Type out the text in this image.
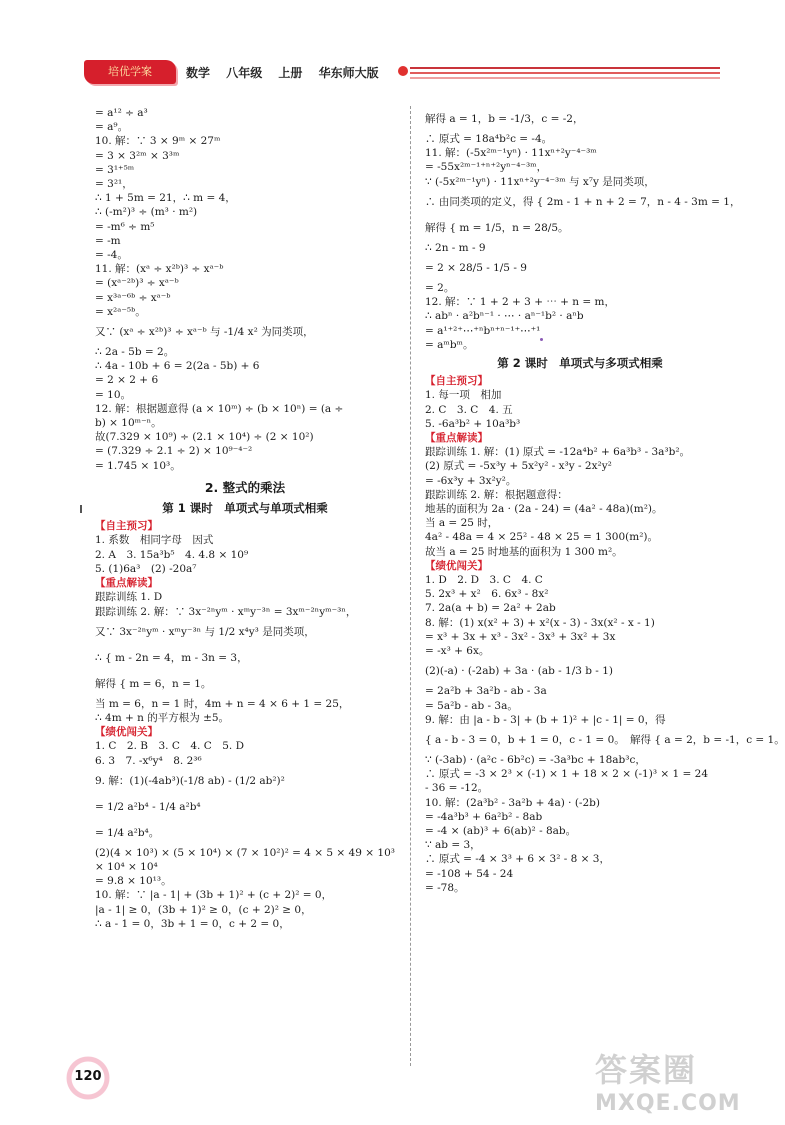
培优学案	数学 八年级 上册 华东师大版
= a¹² ÷ a³
= a⁹。
10. 解：∵ 3 × 9ᵐ × 27ᵐ
= 3 × 3²ᵐ × 3³ᵐ
= 3¹⁺⁵ᵐ
= 3²¹，
∴ 1 + 5m = 21，∴ m = 4，
∴ (-m²)³ ÷ (m³ · m²)
= -m⁶ ÷ m⁵
= -m
= -4。
11. 解：(xᵃ ÷ x²ᵇ)³ ÷ xᵃ⁻ᵇ
= (xᵃ⁻²ᵇ)³ ÷ xᵃ⁻ᵇ
= x³ᵃ⁻⁶ᵇ ÷ xᵃ⁻ᵇ
= x²ᵃ⁻⁵ᵇ。
又∵ (xᵃ ÷ x²ᵇ)³ ÷ xᵃ⁻ᵇ 与 -1/4 x² 为同类项，
∴ 2a - 5b = 2。
∴ 4a - 10b + 6 = 2(2a - 5b) + 6
= 2 × 2 + 6
= 10。
12. 解：根据题意得 (a × 10ᵐ) ÷ (b × 10ⁿ) = (a ÷
b) × 10ᵐ⁻ⁿ。
故(7.329 × 10⁹) ÷ (2.1 × 10⁴) ÷ (2 × 10²)
= (7.329 ÷ 2.1 ÷ 2) × 10⁹⁻⁴⁻²
= 1.745 × 10³。
2. 整式的乘法
第 1 课时　单项式与单项式相乘
【自主预习】
1. 系数　相同字母　因式
2. A　3. 15a³b⁵　4. 4.8 × 10⁹
5. (1)6a³　(2) -20a⁷
【重点解读】
跟踪训练 1. D
跟踪训练 2. 解：∵ 3x⁻²ⁿyᵐ · xᵐy⁻³ⁿ = 3xᵐ⁻²ⁿyᵐ⁻³ⁿ，
又∵ 3x⁻²ⁿyᵐ · xᵐy⁻³ⁿ 与 1/2 x⁴y³ 是同类项，
∴ { m - 2n = 4，m - 3n = 3，
解得 { m = 6，n = 1。
当 m = 6，n = 1 时，4m + n = 4 × 6 + 1 = 25，
∴ 4m + n 的平方根为 ±5。
【绩优闯关】
1. C　2. B　3. C　4. C　5. D
6. 3　7. -x⁶y⁴　8. 2³⁶
9. 解：(1)(-4ab³)(-1/8 ab) - (1/2 ab²)²
= 1/2 a²b⁴ - 1/4 a²b⁴
= 1/4 a²b⁴。
(2)(4 × 10³) × (5 × 10⁴) × (7 × 10²)² = 4 × 5 × 49 × 10³
× 10⁴ × 10⁴
= 9.8 × 10¹³。
10. 解：∵ |a - 1| + (3b + 1)² + (c + 2)² = 0，
|a - 1| ≥ 0，(3b + 1)² ≥ 0，(c + 2)² ≥ 0，
∴ a - 1 = 0，3b + 1 = 0，c + 2 = 0，
解得 a = 1，b = -1/3，c = -2，
∴ 原式 = 18a⁴b²c = -4。
11. 解：(-5x²ᵐ⁻¹yⁿ) · 11xⁿ⁺²y⁻⁴⁻³ᵐ
= -55x²ᵐ⁻¹⁺ⁿ⁺²yⁿ⁻⁴⁻³ᵐ，
∵ (-5x²ᵐ⁻¹yⁿ) · 11xⁿ⁺²y⁻⁴⁻³ᵐ 与 x⁷y 是同类项，
∴ 由同类项的定义，得 { 2m - 1 + n + 2 = 7，n - 4 - 3m = 1，
解得 { m = 1/5，n = 28/5。
∴ 2n - m - 9
= 2 × 28/5 - 1/5 - 9
= 2。
12. 解：∵ 1 + 2 + 3 + ⋯ + n = m，
∴ abⁿ · a²bⁿ⁻¹ · ⋯ · aⁿ⁻¹b² · aⁿb
= a¹⁺²⁺⋯⁺ⁿbⁿ⁺ⁿ⁻¹⁺⋯⁺¹
= aᵐbᵐ。
第 2 课时　单项式与多项式相乘
【自主预习】
1. 每一项　相加
2. C　3. C　4. 五
5. -6a³b² + 10a³b³
【重点解读】
跟踪训练 1. 解：(1) 原式 = -12a⁴b² + 6a³b³ - 3a³b²。
(2) 原式 = -5x³y + 5x²y² - x³y - 2x²y²
= -6x³y + 3x²y²。
跟踪训练 2. 解：根据题意得：
地基的面积为 2a · (2a - 24) = (4a² - 48a)(m²)。
当 a = 25 时，
4a² - 48a = 4 × 25² - 48 × 25 = 1 300(m²)。
故当 a = 25 时地基的面积为 1 300 m²。
【绩优闯关】
1. D　2. D　3. C　4. C
5. 2x³ + x²　6. 6x³ - 8x²
7. 2a(a + b) = 2a² + 2ab
8. 解：(1) x(x² + 3) + x²(x - 3) - 3x(x² - x - 1)
= x³ + 3x + x³ - 3x² - 3x³ + 3x² + 3x
= -x³ + 6x。
(2)(-a) · (-2ab) + 3a · (ab - 1/3 b - 1)
= 2a²b + 3a²b - ab - 3a
= 5a²b - ab - 3a。
9. 解：由 |a - b - 3| + (b + 1)² + |c - 1| = 0，得
{ a - b - 3 = 0，b + 1 = 0，c - 1 = 0。　解得 { a = 2，b = -1，c = 1。
∵ (-3ab) · (a²c - 6b²c) = -3a³bc + 18ab³c，
∴ 原式 = -3 × 2³ × (-1) × 1 + 18 × 2 × (-1)³ × 1 = 24
- 36 = -12。
10. 解：(2a³b² - 3a²b + 4a) · (-2b)
= -4a³b³ + 6a²b² - 8ab
= -4 × (ab)³ + 6(ab)² - 8ab。
∵ ab = 3，
∴ 原式 = -4 × 3³ + 6 × 3² - 8 × 3，
= -108 + 54 - 24
= -78。
120	答案圈
MXQE.COM
